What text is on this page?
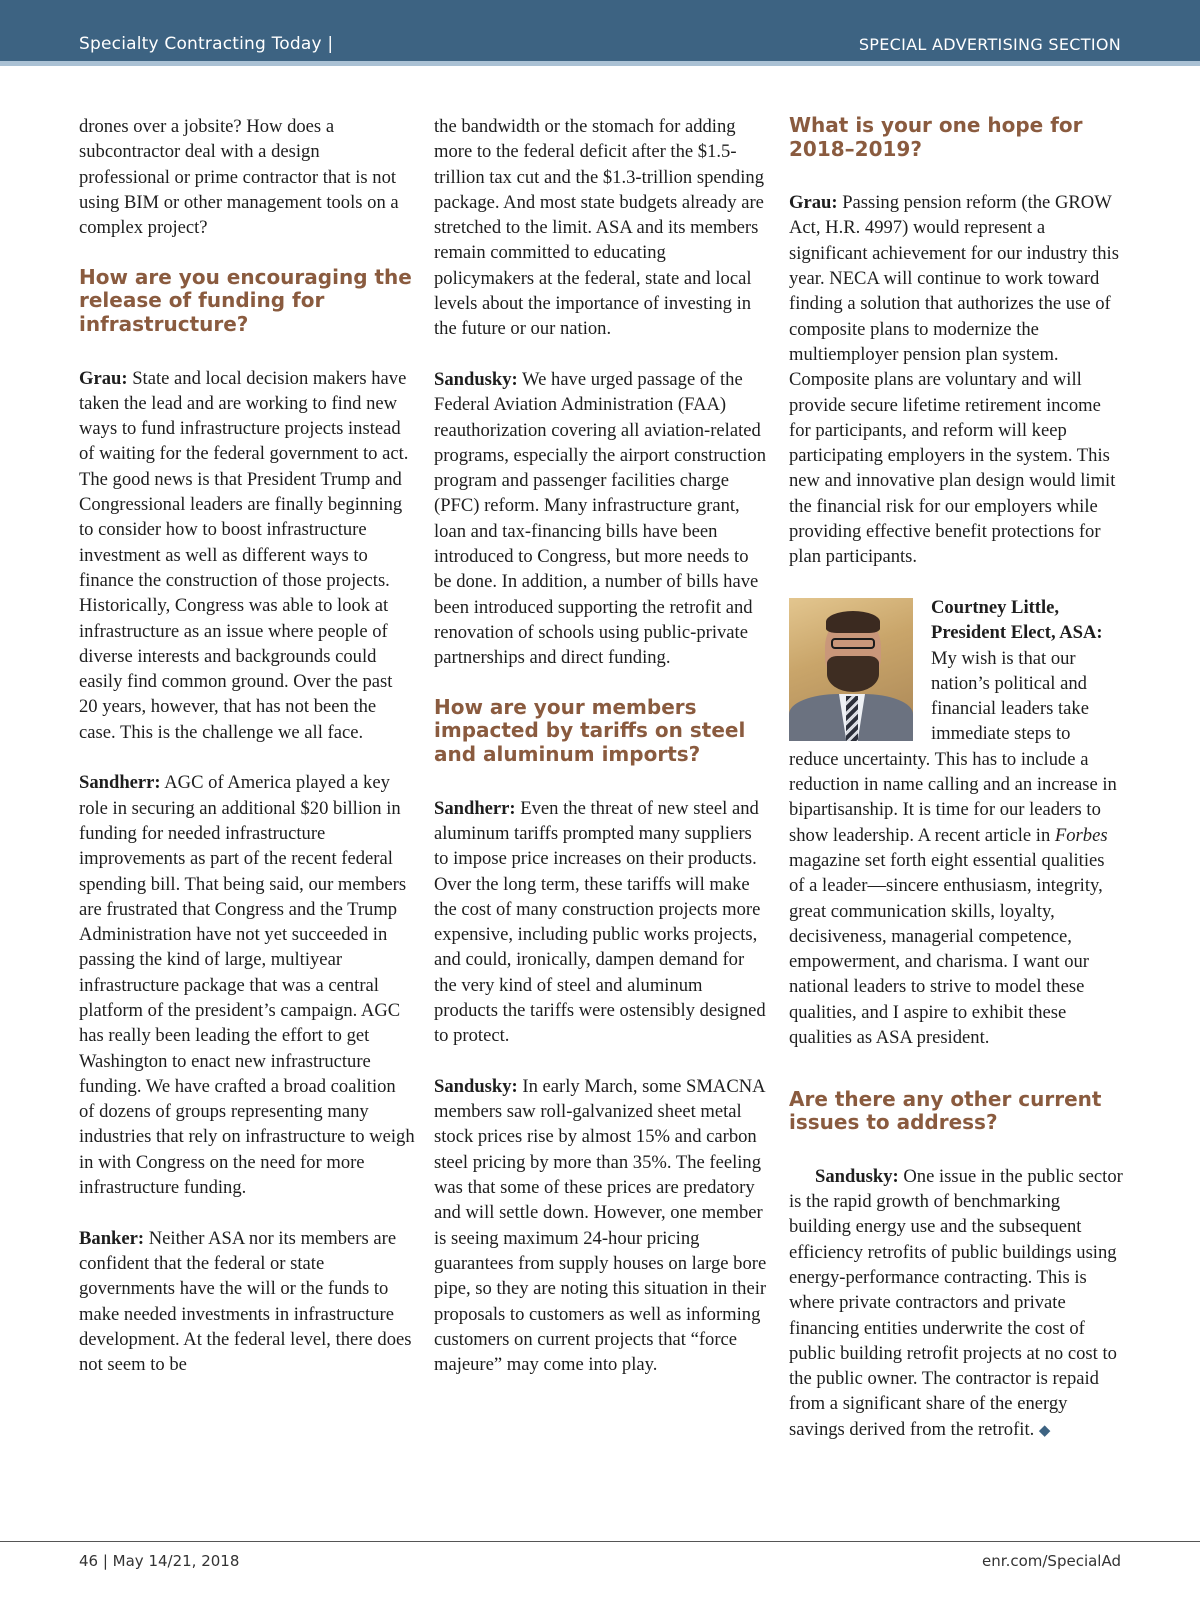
Specialty Contracting Today |	SPECIAL ADVERTISING SECTION

drones over a jobsite? How does a subcontractor deal with a design professional or prime contractor that is not using BIM or other management tools on a complex project?

How are you encouraging the release of funding for infrastructure?

Grau: State and local decision makers have taken the lead and are working to find new ways to fund infrastructure projects instead of waiting for the federal government to act. The good news is that President Trump and Congressional leaders are finally beginning to consider how to boost infrastructure investment as well as different ways to finance the construction of those projects. Historically, Congress was able to look at infrastructure as an issue where people of diverse interests and backgrounds could easily find common ground. Over the past 20 years, however, that has not been the case. This is the challenge we all face.

Sandherr: AGC of America played a key role in securing an additional $20 billion in funding for needed infrastructure improvements as part of the recent federal spending bill. That being said, our members are frustrated that Congress and the Trump Administration have not yet succeeded in passing the kind of large, multiyear infrastructure package that was a central platform of the president’s campaign. AGC has really been leading the effort to get Washington to enact new infrastructure funding. We have crafted a broad coalition of dozens of groups representing many industries that rely on infrastructure to weigh in with Congress on the need for more infrastructure funding.

Banker: Neither ASA nor its members are confident that the federal or state governments have the will or the funds to make needed investments in infrastructure development. At the federal level, there does not seem to be

the bandwidth or the stomach for adding more to the federal deficit after the $1.5-trillion tax cut and the $1.3-trillion spending package. And most state budgets already are stretched to the limit. ASA and its members remain committed to educating policymakers at the federal, state and local levels about the importance of investing in the future or our nation.

Sandusky: We have urged passage of the Federal Aviation Administration (FAA) reauthorization covering all aviation-related programs, especially the airport construction program and passenger facilities charge (PFC) reform. Many infrastructure grant, loan and tax-financing bills have been introduced to Congress, but more needs to be done. In addition, a number of bills have been introduced supporting the retrofit and renovation of schools using public-private partnerships and direct funding.

How are your members impacted by tariffs on steel and aluminum imports?

Sandherr: Even the threat of new steel and aluminum tariffs prompted many suppliers to impose price increases on their products. Over the long term, these tariffs will make the cost of many construction projects more expensive, including public works projects, and could, ironically, dampen demand for the very kind of steel and aluminum products the tariffs were ostensibly designed to protect.

Sandusky: In early March, some SMACNA members saw roll-galvanized sheet metal stock prices rise by almost 15% and carbon steel pricing by more than 35%. The feeling was that some of these prices are predatory and will settle down. However, one member is seeing maximum 24-hour pricing guarantees from supply houses on large bore pipe, so they are noting this situation in their proposals to customers as well as informing customers on current projects that “force majeure” may come into play.

What is your one hope for 2018–2019?

Grau: Passing pension reform (the GROW Act, H.R. 4997) would represent a significant achievement for our industry this year. NECA will continue to work toward finding a solution that authorizes the use of composite plans to modernize the multiemployer pension plan system. Composite plans are voluntary and will provide secure lifetime retirement income for participants, and reform will keep participating employers in the system. This new and innovative plan design would limit the financial risk for our employers while providing effective benefit protections for plan participants.

Courtney Little, President Elect, ASA: My wish is that our nation’s political and financial leaders take immediate steps to reduce uncertainty. This has to include a reduction in name calling and an increase in bipartisanship. It is time for our leaders to show leadership. A recent article in Forbes magazine set forth eight essential qualities of a leader—sincere enthusiasm, integrity, great communication skills, loyalty, decisiveness, managerial competence, empowerment, and charisma. I want our national leaders to strive to model these qualities, and I aspire to exhibit these qualities as ASA president.

Are there any other current issues to address?

Sandusky: One issue in the public sector is the rapid growth of benchmarking building energy use and the subsequent efficiency retrofits of public buildings using energy-performance contracting. This is where private contractors and private financing entities underwrite the cost of public building retrofit projects at no cost to the public owner. The contractor is repaid from a significant share of the energy savings derived from the retrofit. ◆

46 | May 14/21, 2018	enr.com/SpecialAd
